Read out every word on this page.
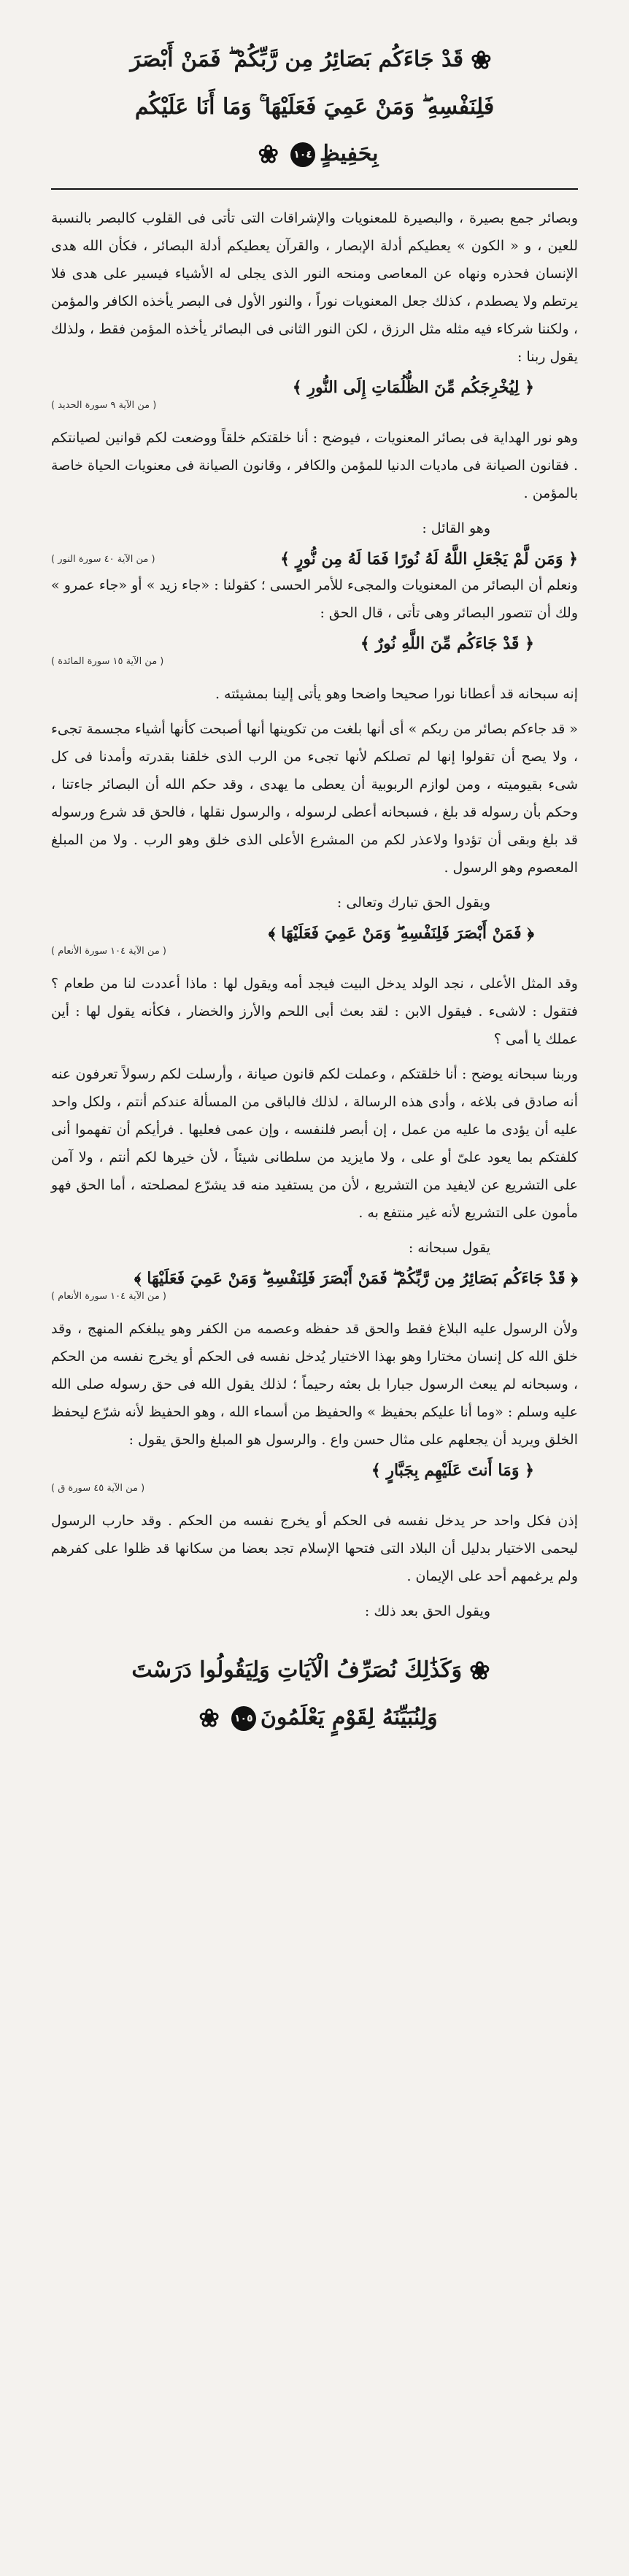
❀قَدْ جَاءَكُم بَصَائِرُ مِن رَّبِّكُمْ ۖ فَمَنْ أَبْصَرَ
فَلِنَفْسِهِ ۖ وَمَنْ عَمِيَ فَعَلَيْهَا ۚ وَمَا أَنَا عَلَيْكُم
بِحَفِيظٍ١٠٤❀

وبصائر جمع بصيرة ، والبصيرة للمعنويات والإشراقات التى تأتى فى القلوب كالبصر بالنسبة للعين ، و « الكون » يعطيكم أدلة الإبصار ، والقرآن يعطيكم أدلة البصائر ، فكأن الله هدى الإنسان فحذره ونهاه عن المعاصى ومنحه النور الذى يجلى له الأشياء فيسير على هدى فلا يرتطم ولا يصطدم ، كذلك جعل المعنويات نوراً ، والنور الأول فى البصر يأخذه الكافر والمؤمن ، ولكننا شركاء فيه مثله مثل الرزق ، لكن النور الثانى فى البصائر يأخذه المؤمن فقط ، ولذلك يقول ربنا :

﴿ لِيُخْرِجَكُم مِّنَ الظُّلُمَاتِ إِلَى النُّورِ ﴾
( من الآية ٩ سورة الحديد )

وهو نور الهداية فى بصائر المعنويات ، فيوضح : أنا خلقتكم خلقاً ووضعت لكم قوانين لصيانتكم . فقانون الصيانة فى ماديات الدنيا للمؤمن والكافر ، وقانون الصيانة فى معنويات الحياة خاصة بالمؤمن .

وهو القائل :
﴿ وَمَن لَّمْ يَجْعَلِ اللَّهُ لَهُ نُورًا فَمَا لَهُ مِن نُّورٍ ﴾
( من الآية ٤٠ سورة النور )

ونعلم أن البصائر من المعنويات والمجىء للأمر الحسى ؛ كقولنا : «جاء زيد » أو «جاء عمرو » ولك أن تتصور البصائر وهى تأتى ، قال الحق :

﴿ قَدْ جَاءَكُم مِّنَ اللَّهِ نُورٌ ﴾
( من الآية ١٥ سورة المائدة )

إنه سبحانه قد أعطانا نورا صحيحا واضحا وهو يأتى إلينا بمشيئته .

« قد جاءكم بصائر من ربكم » أى أنها بلغت من تكوينها أنها أصبحت كأنها أشياء مجسمة تجىء ، ولا يصح أن تقولوا إنها لم تصلكم لأنها تجىء من الرب الذى خلقنا بقدرته وأمدنا فى كل شىء بقيوميته ، ومن لوازم الربوبية أن يعطى ما يهدى ، وقد حكم الله أن البصائر جاءتنا ، وحكم بأن رسوله قد بلغ ، فسبحانه أعطى لرسوله ، والرسول نقلها ، فالحق قد شرع ورسوله قد بلغ وبقى أن تؤدوا ولاعذر لكم من المشرع الأعلى الذى خلق وهو الرب . ولا من المبلغ المعصوم وهو الرسول .

ويقول الحق تبارك وتعالى :
﴿ فَمَنْ أَبْصَرَ فَلِنَفْسِهِ ۖ وَمَنْ عَمِيَ فَعَلَيْهَا ﴾
( من الآية ١٠٤ سورة الأنعام )

وقد المثل الأعلى ، نجد الولد يدخل البيت فيجد أمه ويقول لها : ماذا أعددت لنا من طعام ؟ فتقول : لاشىء . فيقول الابن : لقد بعث أبى اللحم والأرز والخضار ، فكأنه يقول لها : أين عملك يا أمى ؟

وربنا سبحانه يوضح : أنا خلقتكم ، وعملت لكم قانون صيانة ، وأرسلت لكم رسولاً تعرفون عنه أنه صادق فى بلاغه ، وأدى هذه الرسالة ، لذلك فالباقى من المسألة عندكم أنتم ، ولكل واحد عليه أن يؤدى ما عليه من عمل ، إن أبصر فلنفسه ، وإن عمى فعليها . فرأيكم أن تفهموا أنى كلفتكم بما يعود علىّ أو على ، ولا مايزيد من سلطانى شيئاً ، لأن خيرها لكم أنتم ، ولا آمن على التشريع عن لايفيد من التشريع ، لأن من يستفيد منه قد يشرّع لمصلحته ، أما الحق فهو مأمون على التشريع لأنه غير منتفع به .

يقول سبحانه :
﴿ قَدْ جَاءَكُم بَصَائِرُ مِن رَّبِّكُمْ ۖ فَمَنْ أَبْصَرَ فَلِنَفْسِهِ ۖ وَمَنْ عَمِيَ فَعَلَيْهَا ﴾
( من الآية ١٠٤ سورة الأنعام )

ولأن الرسول عليه البلاغ فقط والحق قد حفظه وعصمه من الكفر وهو يبلغكم المنهج ، وقد خلق الله كل إنسان مختارا وهو بهذا الاختيار يُدخل نفسه فى الحكم أو يخرج نفسه من الحكم ، وسبحانه لم يبعث الرسول جبارا بل بعثه رحيماً ؛ لذلك يقول الله فى حق رسوله صلى الله عليه وسلم : «وما أنا عليكم بحفيظ » والحفيظ من أسماء الله ، وهو الحفيظ لأنه شرّع ليحفظ الخلق ويريد أن يجعلهم على مثال حسن واع . والرسول هو المبلغ والحق يقول :

﴿ وَمَا أَنتَ عَلَيْهِم بِجَبَّارٍ ﴾
( من الآية ٤٥ سورة ق )

إذن فكل واحد حر يدخل نفسه فى الحكم أو يخرج نفسه من الحكم . وقد حارب الرسول ليحمى الاختيار بدليل أن البلاد التى فتحها الإسلام تجد بعضا من سكانها قد ظلوا على كفرهم ولم يرغمهم أحد على الإيمان .

ويقول الحق بعد ذلك :
❀وَكَذَٰلِكَ نُصَرِّفُ الْآيَاتِ وَلِيَقُولُوا دَرَسْتَ
وَلِنُبَيِّنَهُ لِقَوْمٍ يَعْلَمُونَ١٠٥❀
